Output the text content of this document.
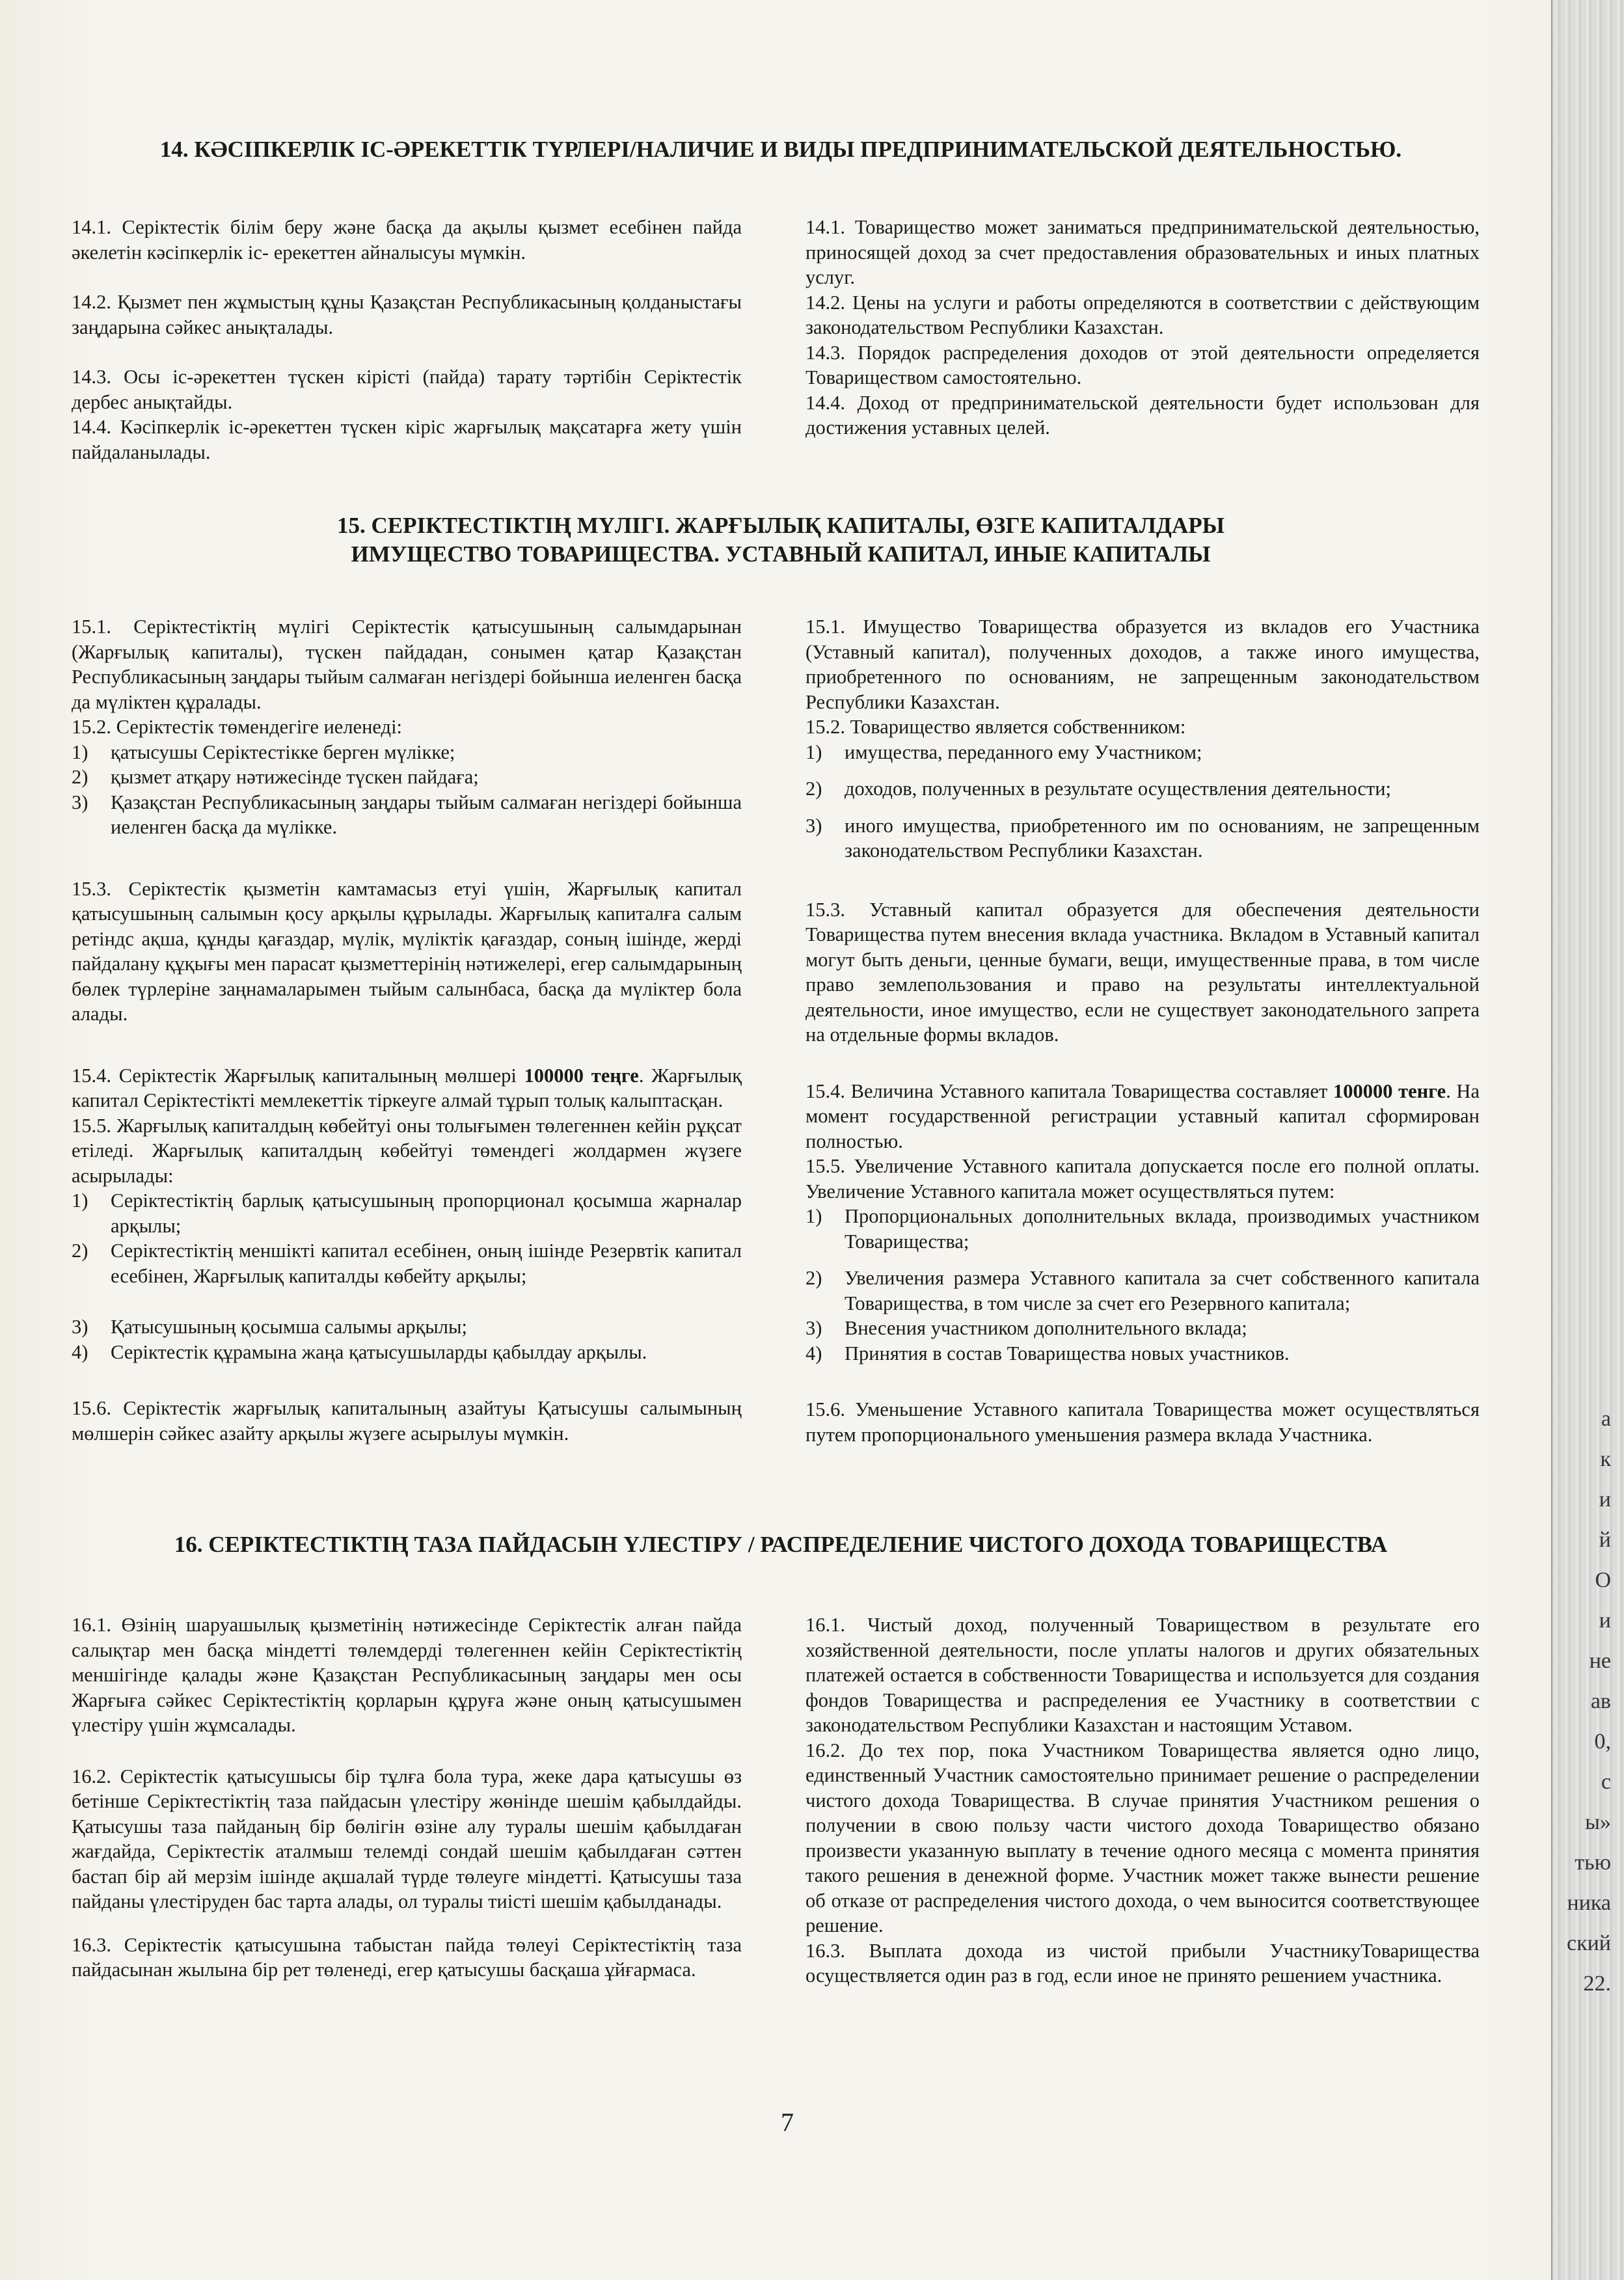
а
к
и
й
О
и
не
ав
0,
с
ы»
тью
ника
ский
22.
14. КӘСІПКЕРЛІК ІС-ӘРЕКЕТТІК ТҮРЛЕРІ/НАЛИЧИЕ И ВИДЫ ПРЕДПРИНИМАТЕЛЬСКОЙ ДЕЯТЕЛЬНОСТЬЮ.
14.1. Серіктестік білім беру және басқа да ақылы қызмет есебінен пайда әкелетін кәсіпкерлік іс- ерекеттен айналысуы мүмкін.
14.2. Қызмет пен жұмыстың құны Қазақстан Республикасының қолданыстағы заңдарына сәйкес анықталады.
14.3. Осы іс-әрекеттен түскен кірісті (пайда) тарату тәртібін Серіктестік дербес анықтайды.
14.4. Кәсіпкерлік іс-әрекеттен түскен кіріс жарғылық мақсатарға жету үшін пайдаланылады.
14.1. Товарищество может заниматься предпринимательской деятельностью, приносящей доход за счет предоставления образовательных и иных платных услуг.
14.2. Цены на услуги и работы определяются в соответствии с действующим законодательством Республики Казахстан.
14.3. Порядок распределения доходов от этой деятельности определяется Товариществом самостоятельно.
14.4. Доход от предпринимательской деятельности будет использован для достижения уставных целей.
15. СЕРІКТЕСТІКТІҢ МҮЛІГІ. ЖАРҒЫЛЫҚ КАПИТАЛЫ, ӨЗГЕ КАПИТАЛДАРЫ
ИМУЩЕСТВО ТОВАРИЩЕСТВА. УСТАВНЫЙ КАПИТАЛ, ИНЫЕ КАПИТАЛЫ
15.1. Серіктестіктің мүлігі Серіктестік қатысушының салымдарынан (Жарғылық капиталы), түскен пайдадан, сонымен қатар Қазақстан Республикасының заңдары тыйым салмаған негіздері бойынша иеленген басқа да мүліктен құралады.
15.2. Серіктестік төмендегіге иеленеді:
1)	қатысушы Серіктестікке берген мүлікке;
2)	қызмет атқару нәтижесінде түскен пайдаға;
3)	Қазақстан Республикасының заңдары тыйым салмаған негіздері бойынша иеленген басқа да мүлікке.
15.3. Серіктестік қызметін камтамасыз етуі үшін, Жарғылық капитал қатысушының салымын қосу арқылы құрылады. Жарғылық капиталға салым ретіндс ақша, құнды қағаздар, мүлік, мүліктік қағаздар, соның ішінде, жерді пайдалану құқығы мен парасат қызметтерінің нәтижелері, егер салымдарының бөлек түрлеріне заңнамаларымен тыйым салынбаса, басқа да мүліктер бола алады.
15.4. Серіктестік Жарғылық капиталының мөлшері 100000 теңге. Жарғылық капитал Серіктестікті мемлекеттік тіркеуге алмай тұрып толық калыптасқан.
15.5. Жарғылық капиталдың көбейтуі оны толығымен төлегеннен кейін рұқсат етіледі. Жарғылық капиталдың көбейтуі төмендегі жолдармен жүзеге асырылады:
1)	Серіктестіктің барлық қатысушының пропорционал қосымша жарналар арқылы;
2)	Серіктестіктің меншікті капитал есебінен, оның ішінде Резервтік капитал есебінен, Жарғылық капиталды көбейту арқылы;
3)	Қатысушының қосымша салымы арқылы;
4)	Серіктестік құрамына жаңа қатысушыларды қабылдау арқылы.
15.6. Серіктестік жарғылық капиталының азайтуы Қатысушы салымының мөлшерін сәйкес азайту арқылы жүзеге асырылуы мүмкін.
15.1. Имущество Товарищества образуется из вкладов его Участника (Уставный капитал), полученных доходов, а также иного имущества, приобретенного по основаниям, не запрещенным законодательством Республики Казахстан.
15.2. Товарищество является собственником:
1)	имущества, переданного ему Участником;
2)	доходов, полученных в результате осуществления деятельности;
3)	иного имущества, приобретенного им по основаниям, не запрещенным законодательством Республики Казахстан.
15.3. Уставный капитал образуется для обеспечения деятельности Товарищества путем внесения вклада участника. Вкладом в Уставный капитал могут быть деньги, ценные бумаги, вещи, имущественные права, в том числе право землепользования и право на результаты интеллектуальной деятельности, иное имущество, если не существует законодательного запрета на отдельные формы вкладов.
15.4. Величина Уставного капитала Товарищества составляет 100000 тенге. На момент государственной регистрации уставный капитал сформирован полностью.
15.5. Увеличение Уставного капитала допускается после его полной оплаты. Увеличение Уставного капитала может осуществляться путем:
1)	Пропорциональных дополнительных вклада, производимых участником Товарищества;
2)	Увеличения размера Уставного капитала за счет собственного капитала Товарищества, в том числе за счет его Резервного капитала;
3)	Внесения участником дополнительного вклада;
4)	Принятия в состав Товарищества новых участников.
15.6. Уменьшение Уставного капитала Товарищества может осуществляться путем пропорционального уменьшения размера вклада Участника.
16. СЕРІКТЕСТІКТІҢ ТАЗА ПАЙДАСЫН ҮЛЕСТІРУ / РАСПРЕДЕЛЕНИЕ ЧИСТОГО ДОХОДА ТОВАРИЩЕСТВА
16.1. Өзінің шаруашылық қызметінің нәтижесінде Серіктестік алған пайда салықтар мен басқа міндетті төлемдерді төлегеннен кейін Серіктестіктің меншігінде қалады және Қазақстан Республикасының заңдары мен осы Жарғыға сәйкес Серіктестіктің қорларын құруға және оның қатысушымен үлестіру үшін жұмсалады.
16.2. Серіктестік қатысушысы бір тұлға бола тура, жеке дара қатысушы өз бетінше Серіктестіктің таза пайдасын үлестіру жөнінде шешім қабылдайды. Қатысушы таза пайданың бір бөлігін өзіне алу туралы шешім қабылдаған жағдайда, Серіктестік аталмыш телемді сондай шешім қабылдаған сәттен бастап бір ай мерзім ішінде ақшалай түрде төлеуге міндетті. Қатысушы таза пайданы үлестіруден бас тарта алады, ол туралы тиісті шешім қабылданады.
16.3. Серіктестік қатысушына табыстан пайда төлеуі Серіктестіктің таза пайдасынан жылына бір рет төленеді, егер қатысушы басқаша ұйғармаса.
16.1. Чистый доход, полученный Товариществом в результате его хозяйственной деятельности, после уплаты налогов и других обязательных платежей остается в собственности Товарищества и используется для создания фондов Товарищества и распределения ее Участнику в соответствии с законодательством Республики Казахстан и настоящим Уставом.
16.2. До тех пор, пока Участником Товарищества является одно лицо, единственный Участник самостоятельно принимает решение о распределении чистого дохода Товарищества. В случае принятия Участником решения о получении в свою пользу части чистого дохода Товарищество обязано произвести указанную выплату в течение одного месяца с момента принятия такого решения в денежной форме. Участник может также вынести решение об отказе от распределения чистого дохода, о чем выносится соответствующее решение.
16.3. Выплата дохода из чистой прибыли УчастникуТоварищества осуществляется один раз в год, если иное не принято решением участника.
7
